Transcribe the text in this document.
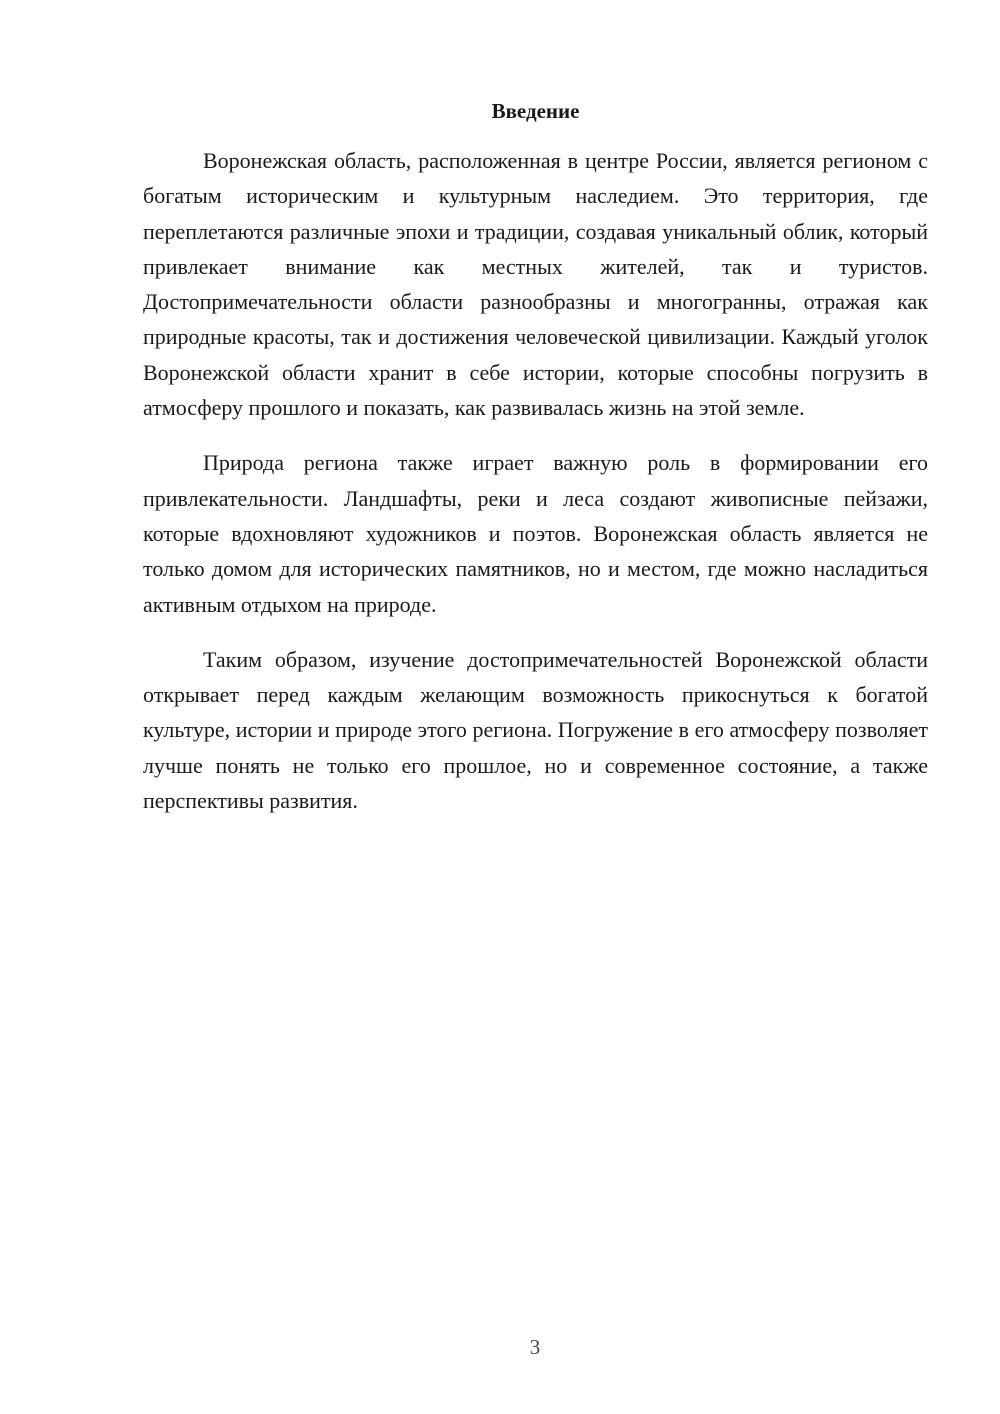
Введение

Воронежская область, расположенная в центре России, является регионом с богатым историческим и культурным наследием. Это территория, где переплетаются различные эпохи и традиции, создавая уникальный облик, который привлекает внимание как местных жителей, так и туристов. Достопримечательности области разнообразны и многогранны, отражая как природные красоты, так и достижения человеческой цивилизации. Каждый уголок Воронежской области хранит в себе истории, которые способны погрузить в атмосферу прошлого и показать, как развивалась жизнь на этой земле.

Природа региона также играет важную роль в формировании его привлекательности. Ландшафты, реки и леса создают живописные пейзажи, которые вдохновляют художников и поэтов. Воронежская область является не только домом для исторических памятников, но и местом, где можно насладиться активным отдыхом на природе.

Таким образом, изучение достопримечательностей Воронежской области открывает перед каждым желающим возможность прикоснуться к богатой культуре, истории и природе этого региона. Погружение в его атмосферу позволяет лучше понять не только его прошлое, но и современное состояние, а также перспективы развития.

3
